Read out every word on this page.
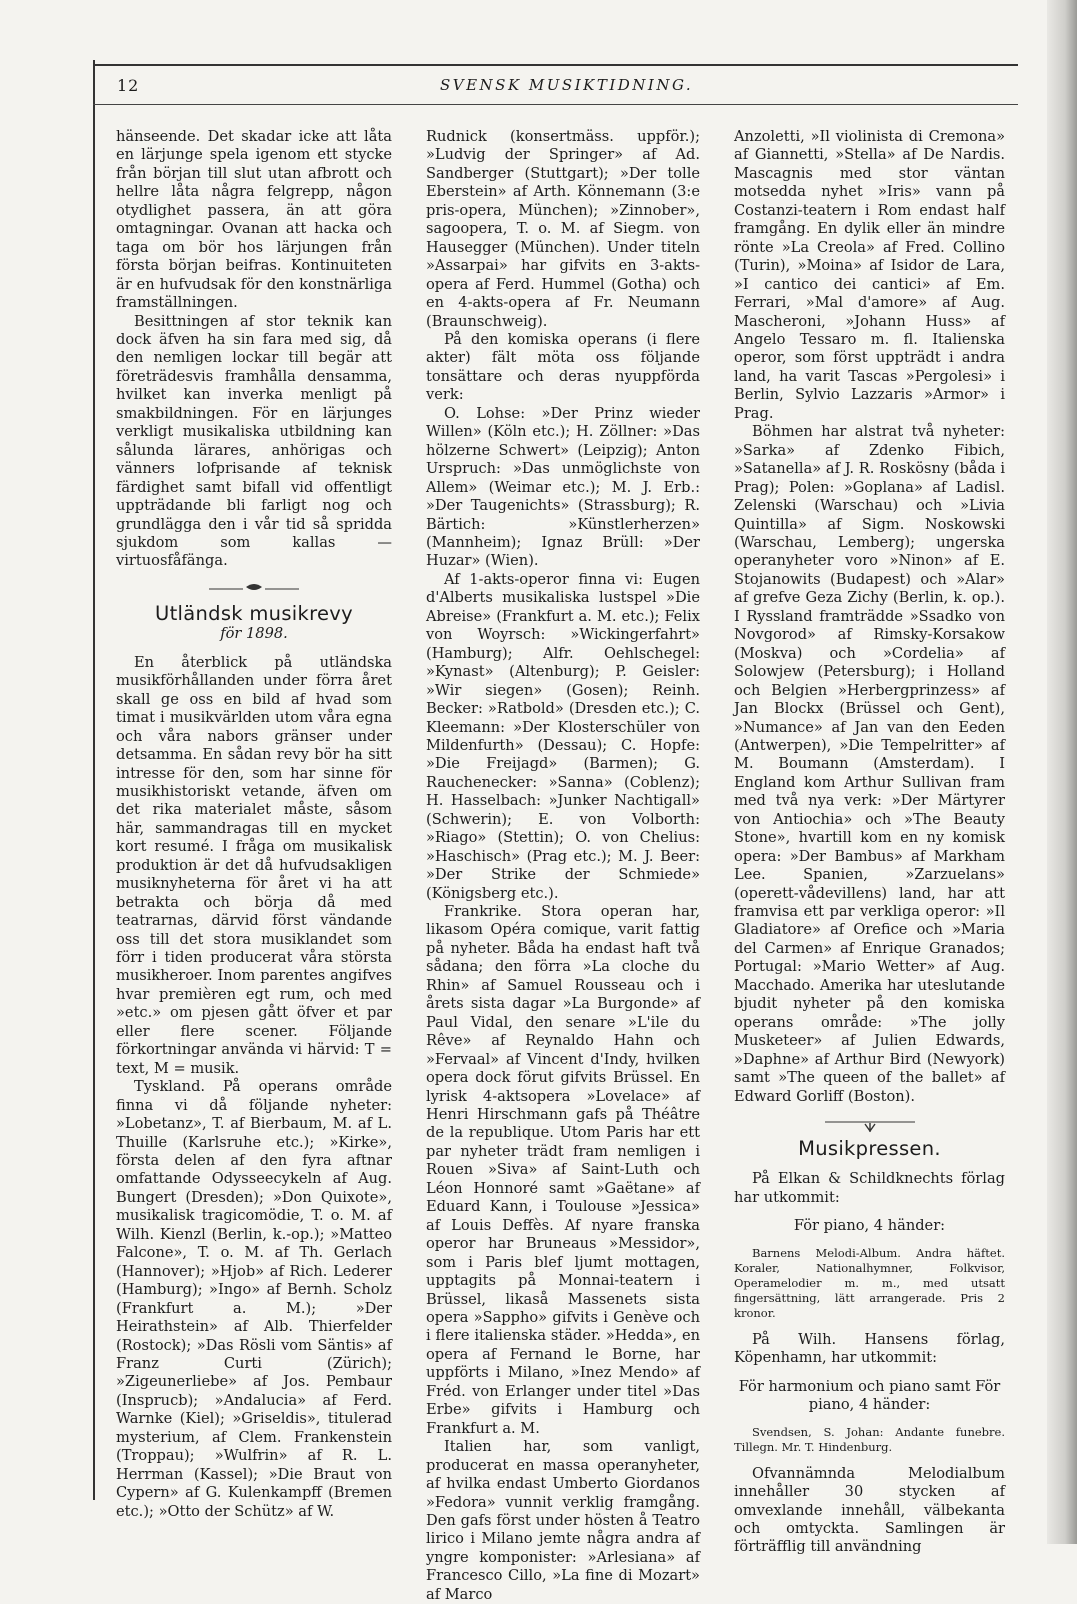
12	SVENSK MUSIKTIDNING.

hänseende. Det skadar icke att låta en lärjunge spela igenom ett stycke från början till slut utan afbrott och hellre låta några felgrepp, någon otydlighet passera, än att göra omtagningar. Ovanan att hacka och taga om bör hos lärjungen från första början beifras. Kontinuiteten är en hufvudsak för den konstnärliga framställningen.

Besittningen af stor teknik kan dock äfven ha sin fara med sig, då den nemligen lockar till begär att företrädesvis framhålla densamma, hvilket kan inverka menligt på smakbildningen. För en lärjunges verkligt musikaliska utbildning kan sålunda lärares, anhörigas och vänners lofprisande af teknisk färdighet samt bifall vid offentligt uppträdande bli farligt nog och grundlägga den i vår tid så spridda sjukdom som kallas — virtuosfåfänga.

Utländsk musikrevy
för 1898.

En återblick på utländska musikförhållanden under förra året skall ge oss en bild af hvad som timat i musikvärlden utom våra egna och våra nabors gränser under detsamma. En sådan revy bör ha sitt intresse för den, som har sinne för musikhistoriskt vetande, äfven om det rika materialet måste, såsom här, sammandragas till en mycket kort resumé. I fråga om musikalisk produktion är det då hufvudsakligen musiknyheterna för året vi ha att betrakta och börja då med teatrarnas, därvid först vändande oss till det stora musiklandet som förr i tiden producerat våra största musikheroer. Inom parentes angifves hvar premièren egt rum, och med »etc.» om pjesen gått öfver et par eller flere scener. Följande förkortningar använda vi härvid: T = text, M = musik.

Tyskland. På operans område finna vi då följande nyheter: »Lobetanz», T. af Bierbaum, M. af L. Thuille (Karlsruhe etc.); »Kirke», första delen af den fyra aftnar omfattande Odysseecykeln af Aug. Bungert (Dresden); »Don Quixote», musikalisk tragicomödie, T. o. M. af Wilh. Kienzl (Berlin, k.-op.); »Matteo Falcone», T. o. M. af Th. Gerlach (Hannover); »Hjob» af Rich. Lederer (Hamburg); »Ingo» af Bernh. Scholz (Frankfurt a. M.); »Der Heirathstein» af Alb. Thierfelder (Rostock); »Das Rösli vom Säntis» af Franz Curti (Zürich); »Zigeunerliebe» af Jos. Pembaur (Insprucb); »Andalucia» af Ferd. Warnke (Kiel); »Griseldis», titulerad mysterium, af Clem. Frankenstein (Troppau); »Wulfrin» af R. L. Herrman (Kassel); »Die Braut von Cypern» af G. Kulenkampff (Bremen etc.); »Otto der Schütz» af W.

Rudnick (konsertmäss. uppför.); »Ludvig der Springer» af Ad. Sandberger (Stuttgart); »Der tolle Eberstein» af Arth. Könnemann (3:e pris-opera, München); »Zinnober», sagoopera, T. o. M. af Siegm. von Hausegger (München). Under titeln »Assarpai» har gifvits en 3-akts-opera af Ferd. Hummel (Gotha) och en 4-akts-opera af Fr. Neumann (Braunschweig).

På den komiska operans (i flere akter) fält möta oss följande tonsättare och deras nyuppförda verk:

O. Lohse: »Der Prinz wieder Willen» (Köln etc.); H. Zöllner: »Das hölzerne Schwert» (Leipzig); Anton Urspruch: »Das unmöglichste von Allem» (Weimar etc.); M. J. Erb.: »Der Taugenichts» (Strassburg); R. Bärtich: »Künstlerherzen» (Mannheim); Ignaz Brüll: »Der Huzar» (Wien).

Af 1-akts-operor finna vi: Eugen d'Alberts musikaliska lustspel »Die Abreise» (Frankfurt a. M. etc.); Felix von Woyrsch: »Wickingerfahrt» (Hamburg); Alfr. Oehlschegel: »Kynast» (Altenburg); P. Geisler: »Wir siegen» (Gosen); Reinh. Becker: »Ratbold» (Dresden etc.); C. Kleemann: »Der Klosterschüler von Mildenfurth» (Dessau); C. Hopfe: »Die Freijagd» (Barmen); G. Rauchenecker: »Sanna» (Coblenz); H. Hasselbach: »Junker Nachtigall» (Schwerin); E. von Volborth: »Riago» (Stettin); O. von Chelius: »Haschisch» (Prag etc.); M. J. Beer: »Der Strike der Schmiede» (Königsberg etc.).

Frankrike. Stora operan har, likasom Opéra comique, varit fattig på nyheter. Båda ha endast haft två sådana; den förra »La cloche du Rhin» af Samuel Rousseau och i årets sista dagar »La Burgonde» af Paul Vidal, den senare »L'ile du Rêve» af Reynaldo Hahn och »Fervaal» af Vincent d'Indy, hvilken opera dock förut gifvits Brüssel. En lyrisk 4-aktsopera »Lovelace» af Henri Hirschmann gafs på Théâtre de la republique. Utom Paris har ett par nyheter trädt fram nemligen i Rouen »Siva» af Saint-Luth och Léon Honnoré samt »Gaëtane» af Eduard Kann, i Toulouse »Jessica» af Louis Deffès. Af nyare franska operor har Bruneaus »Messidor», som i Paris blef ljumt mottagen, upptagits på Monnai-teatern i Brüssel, likaså Massenets sista opera »Sappho» gifvits i Genève och i flere italienska städer. »Hedda», en opera af Fernand le Borne, har uppförts i Milano, »Inez Mendo» af Fréd. von Erlanger under titel »Das Erbe» gifvits i Hamburg och Frankfurt a. M.

Italien har, som vanligt, producerat en massa operanyheter, af hvilka endast Umberto Giordanos »Fedora» vunnit verklig framgång. Den gafs först under hösten å Teatro lirico i Milano jemte några andra af yngre komponister: »Arlesiana» af Francesco Cillo, »La fine di Mozart» af Marco

Anzoletti, »Il violinista di Cremona» af Giannetti, »Stella» af De Nardis. Mascagnis med stor väntan motsedda nyhet »Iris» vann på Costanzi-teatern i Rom endast half framgång. En dylik eller än mindre rönte »La Creola» af Fred. Collino (Turin), »Moina» af Isidor de Lara, »I cantico dei cantici» af Em. Ferrari, »Mal d'amore» af Aug. Mascheroni, »Johann Huss» af Angelo Tessaro m. fl. Italienska operor, som först uppträdt i andra land, ha varit Tascas »Pergolesi» i Berlin, Sylvio Lazzaris »Armor» i Prag.

Böhmen har alstrat två nyheter: »Sarka» af Zdenko Fibich, »Satanella» af J. R. Roskösny (båda i Prag); Polen: »Goplana» af Ladisl. Zelenski (Warschau) och »Livia Quintilla» af Sigm. Noskowski (Warschau, Lemberg); ungerska operanyheter voro »Ninon» af E. Stojanowits (Budapest) och »Alar» af grefve Geza Zichy (Berlin, k. op.). I Ryssland framträdde »Ssadko von Novgorod» af Rimsky-Korsakow (Moskva) och »Cordelia» af Solowjew (Petersburg); i Holland och Belgien »Herbergprinzess» af Jan Blockx (Brüssel och Gent), »Numance» af Jan van den Eeden (Antwerpen), »Die Tempelritter» af M. Boumann (Amsterdam). I England kom Arthur Sullivan fram med två nya verk: »Der Märtyrer von Antiochia» och »The Beauty Stone», hvartill kom en ny komisk opera: »Der Bambus» af Markham Lee. Spanien, »Zarzuelans» (operett-vådevillens) land, har att framvisa ett par verkliga operor: »Il Gladiatore» af Orefice och »Maria del Carmen» af Enrique Granados; Portugal: »Mario Wetter» af Aug. Macchado. Amerika har uteslutande bjudit nyheter på den komiska operans område: »The jolly Musketeer» af Julien Edwards, »Daphne» af Arthur Bird (Newyork) samt »The queen of the ballet» af Edward Gorliff (Boston).

Musikpressen.

På Elkan & Schildknechts förlag har utkommit:

För piano, 4 händer:

Barnens Melodi-Album. Andra häftet. Koraler, Nationalhymner, Folkvisor, Operamelodier m. m., med utsatt fingersättning, lätt arrangerade. Pris 2 kronor.

På Wilh. Hansens förlag, Köpenhamn, har utkommit:

För harmonium och piano samt För piano, 4 händer:

Svendsen, S. Johan: Andante funebre. Tillegn. Mr. T. Hindenburg.

Ofvannämnda Melodialbum innehåller 30 stycken af omvexlande innehåll, välbekanta och omtyckta. Samlingen är förträfflig till användning
